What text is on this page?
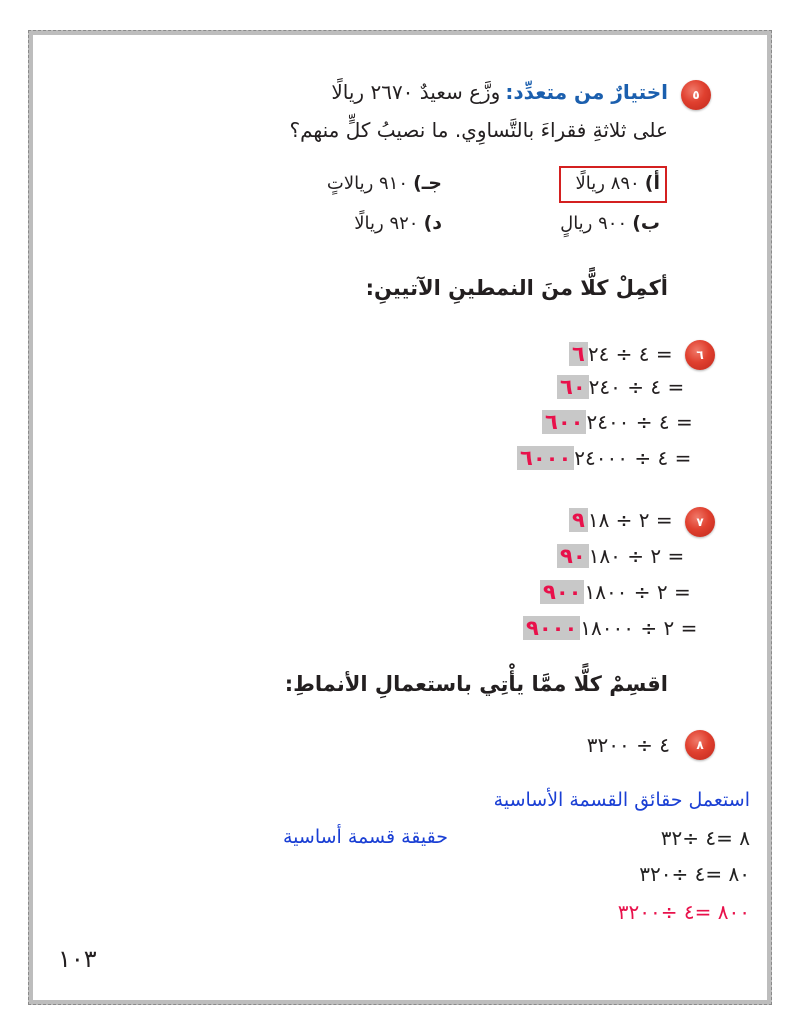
٥
اختيارٌ من متعدِّد: وزَّع سعيدٌ ٢٦٧٠ ريالًا
على ثلاثةِ فقراءَ بالتَّساوِي. ما نصيبُ كلٍّ منهم؟
أ) ٨٩٠ ريالًا
جـ) ٩١٠ ريالاتٍ
ب) ٩٠٠ ريالٍ
د) ٩٢٠ ريالًا
أكمِلْ كلًّا منَ النمطينِ الآتيينِ:
٦
٦ = ٤ ÷ ٢٤
٦٠ = ٤ ÷ ٢٤٠
٦٠٠ = ٤ ÷ ٢٤٠٠
٦٠٠٠ = ٤ ÷ ٢٤٠٠٠
٧
٩ = ٢ ÷ ١٨
٩٠ = ٢ ÷ ١٨٠
٩٠٠ = ٢ ÷ ١٨٠٠
٩٠٠٠ = ٢ ÷ ١٨٠٠٠
اقسِمْ كلًّا ممَّا يأْتِي باستعمالِ الأنماطِ:
٨
٤ ÷ ٣٢٠٠
استعمل حقائق القسمة الأساسية
حقيقة قسمة أساسية	٨ =٤ ÷٣٢
٨٠ =٤ ÷٣٢٠
٨٠٠ =٤ ÷٣٢٠٠
١٠٣
